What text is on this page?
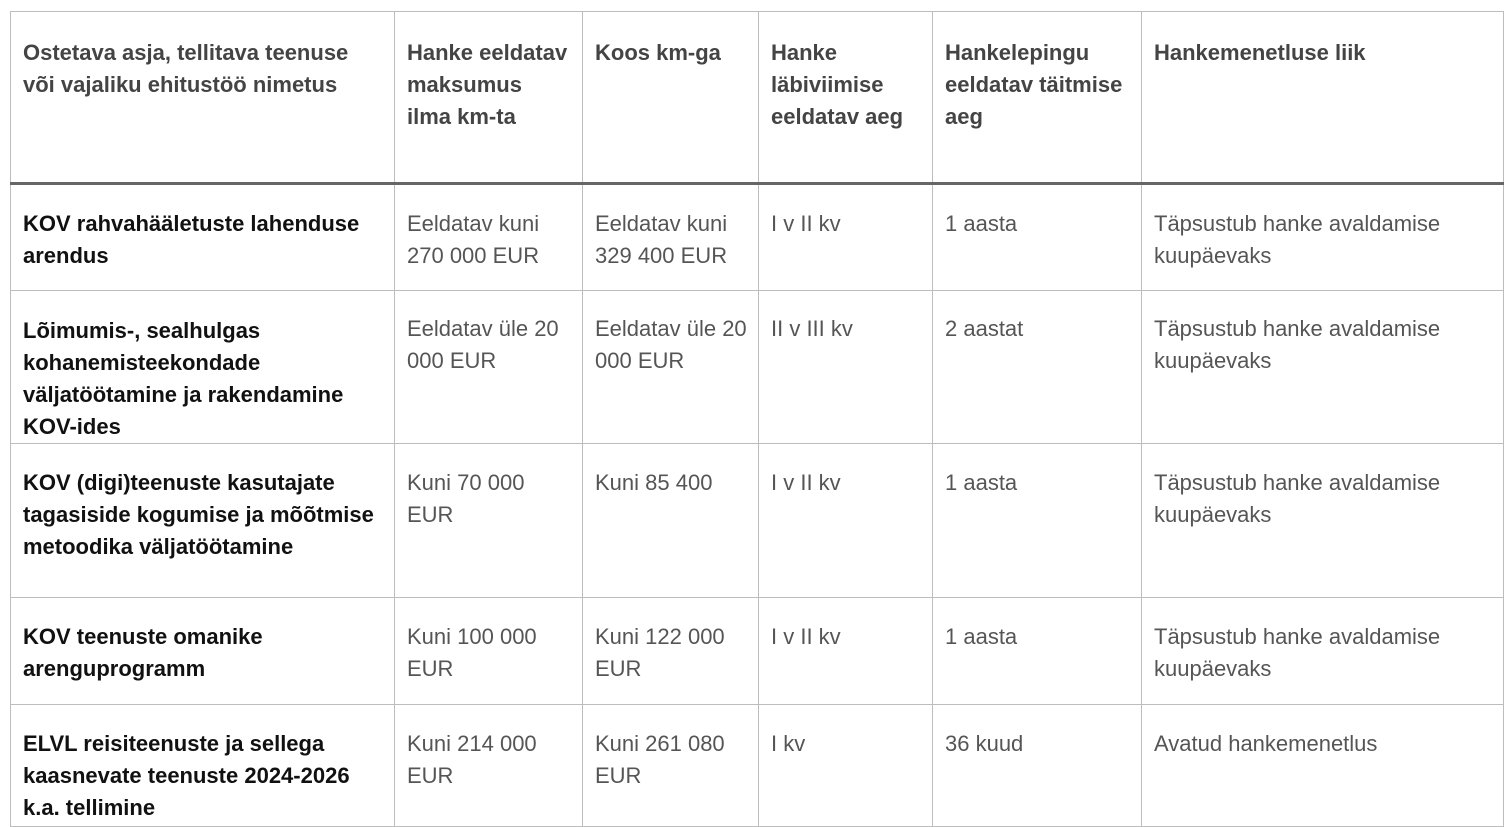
Ostetava asja, tellitava teenuse või vajaliku ehitustöö nimetus	Hanke eeldatav maksumus ilma km-ta	Koos km-ga	Hanke läbiviimise eeldatav aeg	Hankelepingu eeldatav täitmise aeg	Hankemenetluse liik
KOV rahvahääletuste lahenduse arendus	Eeldatav kuni 270 000 EUR	Eeldatav kuni 329 400 EUR	I v II kv	1 aasta	Täpsustub hanke avaldamise kuupäevaks
Lõimumis-, sealhulgas kohanemisteekondade väljatöötamine ja rakendamine KOV-ides	Eeldatav üle 20 000 EUR	Eeldatav üle 20 000 EUR	II v III kv	2 aastat	Täpsustub hanke avaldamise kuupäevaks
KOV (digi)teenuste kasutajate tagasiside kogumise ja mõõtmise metoodika väljatöötamine	Kuni 70 000 EUR	Kuni 85 400	I v II kv	1 aasta	Täpsustub hanke avaldamise kuupäevaks
KOV teenuste omanike arenguprogramm	Kuni 100 000 EUR	Kuni 122 000 EUR	I v II kv	1 aasta	Täpsustub hanke avaldamise kuupäevaks
ELVL reisiteenuste ja sellega kaasnevate teenuste 2024-2026 k.a. tellimine	Kuni 214 000 EUR	Kuni 261 080 EUR	I kv	36 kuud	Avatud hankemenetlus
